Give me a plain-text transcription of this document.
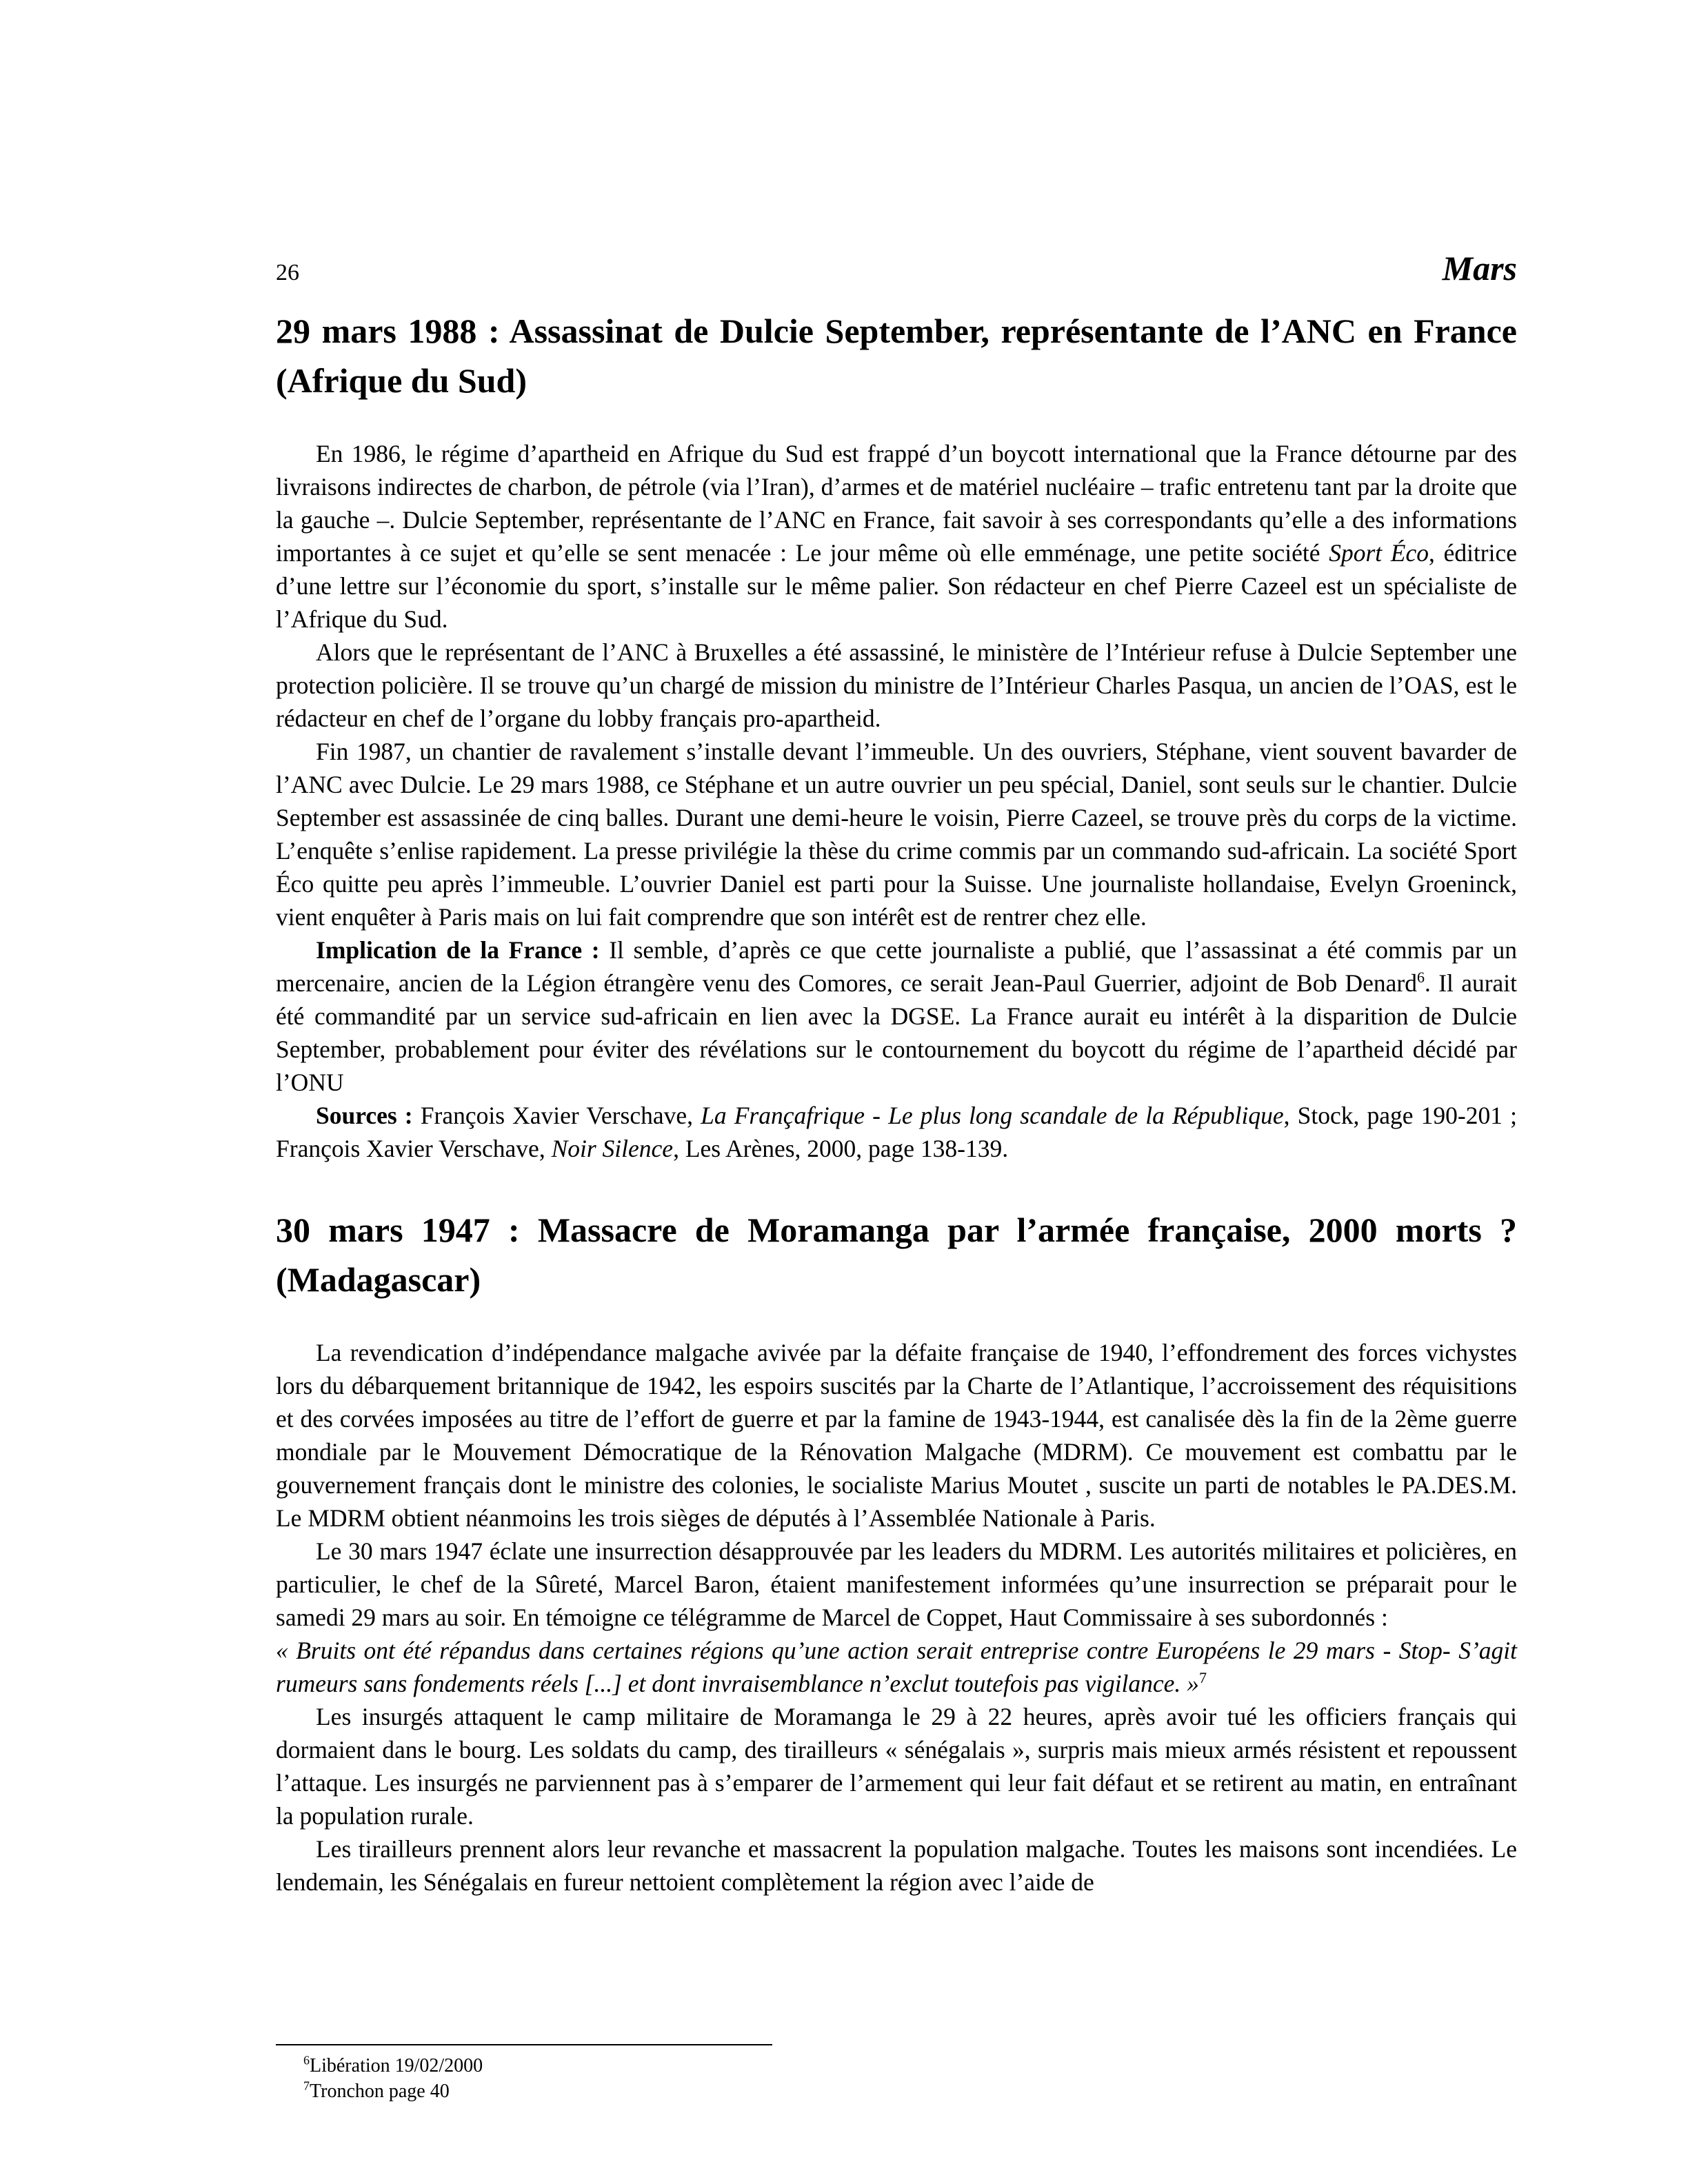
26	Mars
29 mars 1988 : Assassinat de Dulcie September, représentante de l’ANC en France (Afrique du Sud)

En 1986, le régime d’apartheid en Afrique du Sud est frappé d’un boycott international que la France détourne par des livraisons indirectes de charbon, de pétrole (via l’Iran), d’armes et de matériel nucléaire – trafic entretenu tant par la droite que la gauche –. Dulcie September, représentante de l’ANC en France, fait savoir à ses correspondants qu’elle a des informations importantes à ce sujet et qu’elle se sent menacée : Le jour même où elle emménage, une petite société Sport Éco, éditrice d’une lettre sur l’économie du sport, s’installe sur le même palier. Son rédacteur en chef Pierre Cazeel est un spécialiste de l’Afrique du Sud.

Alors que le représentant de l’ANC à Bruxelles a été assassiné, le ministère de l’Intérieur refuse à Dulcie September une protection policière. Il se trouve qu’un chargé de mission du ministre de l’Intérieur Charles Pasqua, un ancien de l’OAS, est le rédacteur en chef de l’organe du lobby français pro-apartheid.

Fin 1987, un chantier de ravalement s’installe devant l’immeuble. Un des ouvriers, Stéphane, vient souvent bavarder de l’ANC avec Dulcie. Le 29 mars 1988, ce Stéphane et un autre ouvrier un peu spécial, Daniel, sont seuls sur le chantier. Dulcie September est assassinée de cinq balles. Durant une demi-heure le voisin, Pierre Cazeel, se trouve près du corps de la victime. L’enquête s’enlise rapidement. La presse privilégie la thèse du crime commis par un commando sud-africain. La société Sport Éco quitte peu après l’immeuble. L’ouvrier Daniel est parti pour la Suisse. Une journaliste hollandaise, Evelyn Groeninck, vient enquêter à Paris mais on lui fait comprendre que son intérêt est de rentrer chez elle.

Implication de la France : Il semble, d’après ce que cette journaliste a publié, que l’assassinat a été commis par un mercenaire, ancien de la Légion étrangère venu des Comores, ce serait Jean-Paul Guerrier, adjoint de Bob Denard$^6$. Il aurait été commandité par un service sud-africain en lien avec la DGSE. La France aurait eu intérêt à la disparition de Dulcie September, probablement pour éviter des révélations sur le contournement du boycott du régime de l’apartheid décidé par l’ONU

Sources : François Xavier Verschave, La Françafrique - Le plus long scandale de la République, Stock, page 190-201 ; François Xavier Verschave, Noir Silence, Les Arènes, 2000, page 138-139.

30 mars 1947 : Massacre de Moramanga par l’armée française, 2000 morts ? (Madagascar)

La revendication d’indépendance malgache avivée par la défaite française de 1940, l’effondrement des forces vichystes lors du débarquement britannique de 1942, les espoirs suscités par la Charte de l’Atlantique, l’accroissement des réquisitions et des corvées imposées au titre de l’effort de guerre et par la famine de 1943-1944, est canalisée dès la fin de la 2ème guerre mondiale par le Mouvement Démocratique de la Rénovation Malgache (MDRM). Ce mouvement est combattu par le gouvernement français dont le ministre des colonies, le socialiste Marius Moutet , suscite un parti de notables le PA.DES.M. Le MDRM obtient néanmoins les trois sièges de députés à l’Assemblée Nationale à Paris.

Le 30 mars 1947 éclate une insurrection désapprouvée par les leaders du MDRM. Les autorités militaires et policières, en particulier, le chef de la Sûreté, Marcel Baron, étaient manifestement informées qu’une insurrection se préparait pour le samedi 29 mars au soir. En témoigne ce télégramme de Marcel de Coppet, Haut Commissaire à ses subordonnés :

« Bruits ont été répandus dans certaines régions qu’une action serait entreprise contre Européens le 29 mars - Stop- S’agit rumeurs sans fondements réels [...] et dont invraisemblance n’exclut toutefois pas vigilance. »$^7$

Les insurgés attaquent le camp militaire de Moramanga le 29 à 22 heures, après avoir tué les officiers français qui dormaient dans le bourg. Les soldats du camp, des tirailleurs « sénégalais », surpris mais mieux armés résistent et repoussent l’attaque. Les insurgés ne parviennent pas à s’emparer de l’armement qui leur fait défaut et se retirent au matin, en entraînant la population rurale.

Les tirailleurs prennent alors leur revanche et massacrent la population malgache. Toutes les maisons sont incendiées. Le lendemain, les Sénégalais en fureur nettoient complètement la région avec l’aide de

$^6$Libération 19/02/2000
$^7$Tronchon page 40
